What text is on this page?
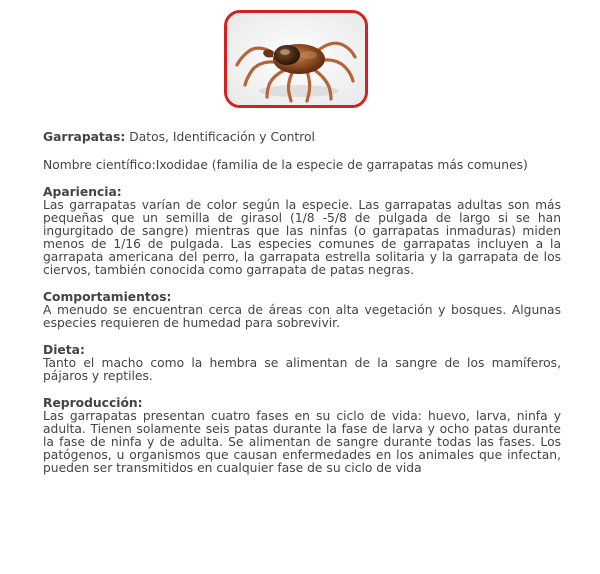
Garrapatas: Datos, Identificación y Control

Nombre científico:Ixodidae (familia de la especie de garrapatas más comunes)

Apariencia:
Las garrapatas varían de color según la especie. Las garrapatas adultas son más pequeñas que un semilla de girasol (1/8 -5/8 de pulgada de largo si se han ingurgitado de sangre) mientras que las ninfas (o garrapatas inmaduras) miden menos de 1/16 de pulgada. Las especies comunes de garrapatas incluyen a la garrapata americana del perro, la garrapata estrella solitaria y la garrapata de los ciervos, también conocida como garrapata de patas negras.
Comportamientos:
A menudo se encuentran cerca de áreas con alta vegetación y bosques. Algunas especies requieren de humedad para sobrevivir.
Dieta:
Tanto el macho como la hembra se alimentan de la sangre de los mamíferos, pájaros y reptiles.
Reproducción:
Las garrapatas presentan cuatro fases en su ciclo de vida: huevo, larva, ninfa y adulta. Tienen solamente seis patas durante la fase de larva y ocho patas durante la fase de ninfa y de adulta. Se alimentan de sangre durante todas las fases. Los patógenos, u organismos que causan enfermedades en los animales que infectan, pueden ser transmitidos en cualquier fase de su ciclo de vida
